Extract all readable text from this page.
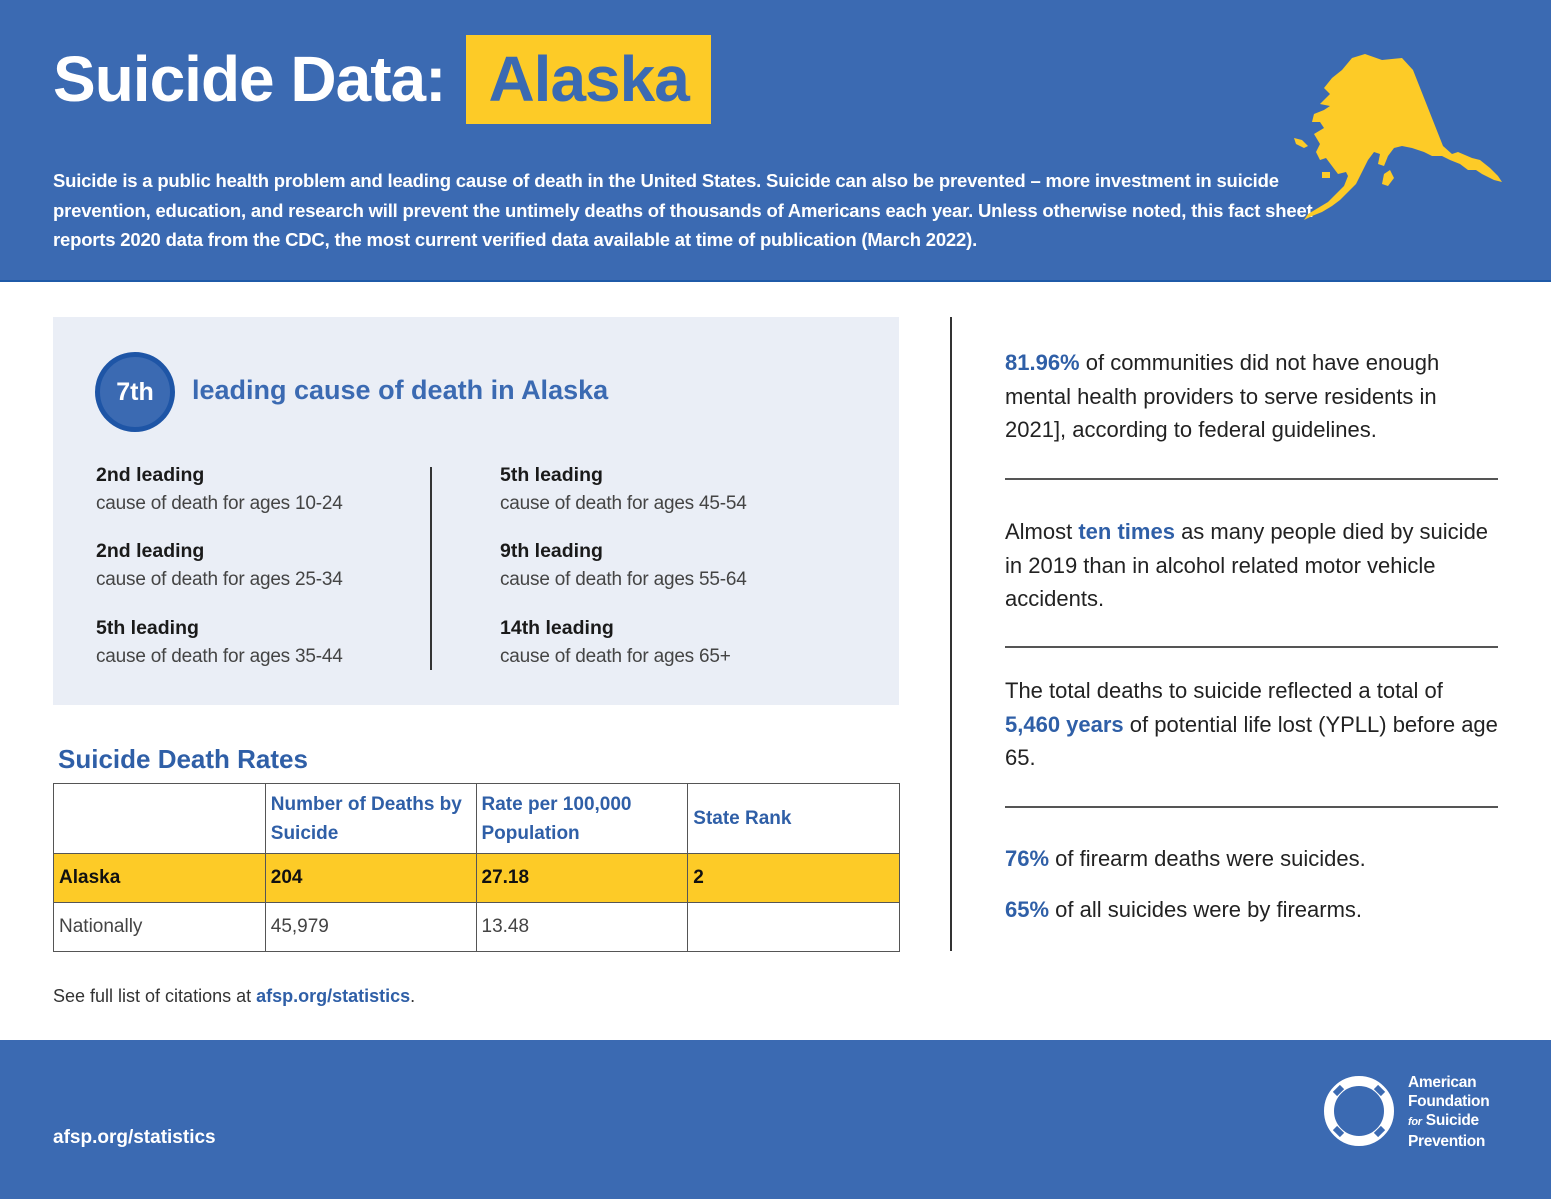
Suicide Data: Alaska

Suicide is a public health problem and leading cause of death in the United States. Suicide can also be prevented – more investment in suicide prevention, education, and research will prevent the untimely deaths of thousands of Americans each year. Unless otherwise noted, this fact sheet reports 2020 data from the CDC, the most current verified data available at time of publication (March 2022).

7th leading cause of death in Alaska
2nd leading
cause of death for ages 10-24
2nd leading
cause of death for ages 25-34
5th leading
cause of death for ages 35-44
5th leading
cause of death for ages 45-54
9th leading
cause of death for ages 55-64
14th leading
cause of death for ages 65+
Suicide Death Rates
	Number of Deaths by Suicide	Rate per 100,000 Population	State Rank
Alaska	204	27.18	2
Nationally	45,979	13.48	

See full list of citations at afsp.org/statistics.

81.96% of communities did not have enough mental health providers to serve residents in 2021], according to federal guidelines.

Almost ten times as many people died by suicide in 2019 than in alcohol related motor vehicle accidents.

The total deaths to suicide reflected a total of 5,460 years of potential life lost (YPLL) before age 65.

76% of firearm deaths were suicides.

65% of all suicides were by firearms.

afsp.org/statistics
American
Foundation
for Suicide
Prevention
